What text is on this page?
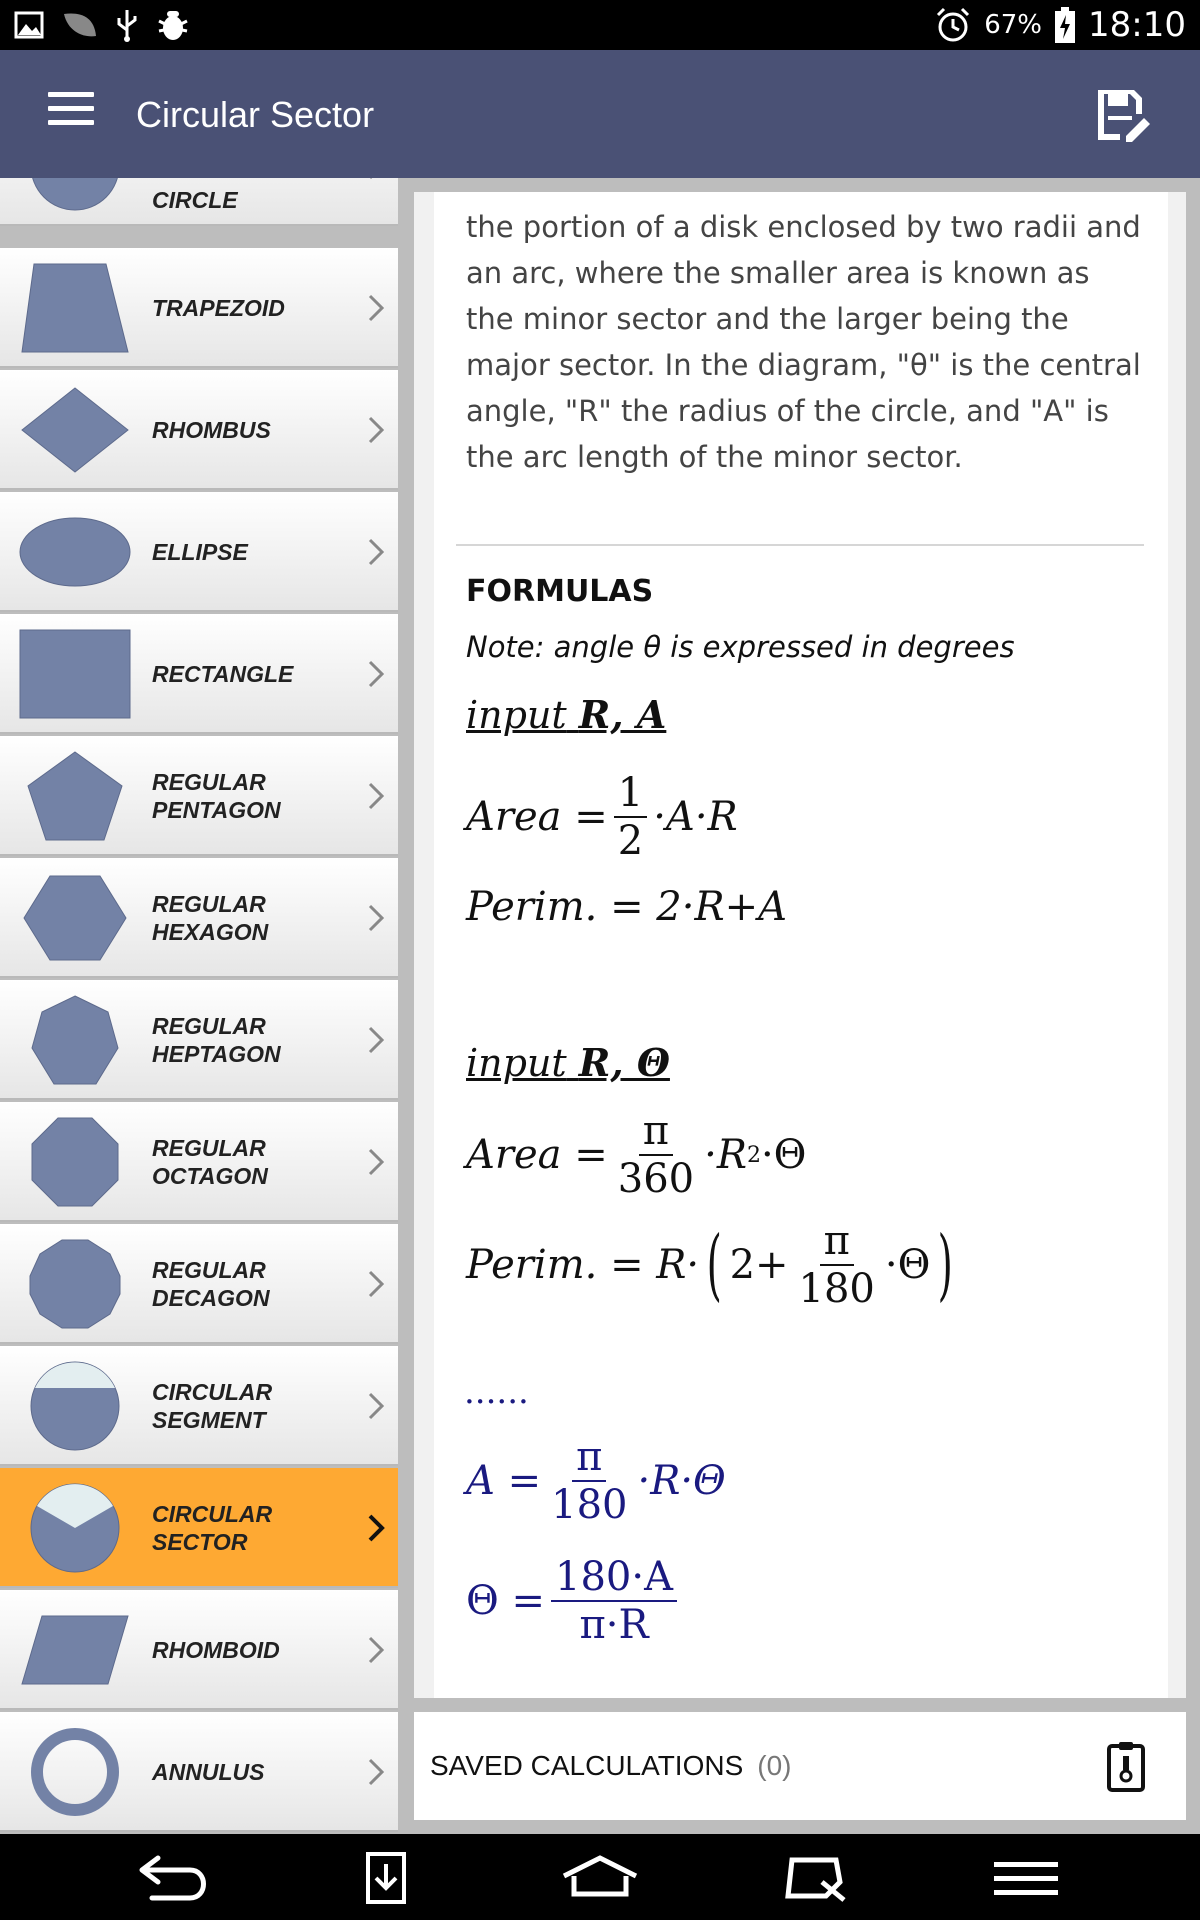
67% 18:10
Circular Sector
CIRCLE
TRAPEZOID
RHOMBUS
ELLIPSE
RECTANGLE
REGULAR
PENTAGON
REGULAR
HEXAGON
REGULAR
HEPTAGON
REGULAR
OCTAGON
REGULAR
DECAGON
CIRCULAR
SEGMENT
CIRCULAR
SECTOR
RHOMBOID
ANNULUS

the portion of a disk enclosed by two radii and an arc, where the smaller area is known as the minor sector and the larger being the major sector. In the diagram, "θ" is the central angle, "R" the radius of the circle, and "A" is the arc length of the minor sector.

FORMULAS
Note: angle θ is expressed in degrees
input R, A
Area = $\frac{1}{2} \cdot A\cdot R$
Perim. = 2·R+A
input R, Θ
Area = $\frac{\pi}{360} \cdot R$ 2 ·Θ
Perim. = R· ( $2+ \frac{\pi}{180} \cdot\Theta$ )
......
$A = \frac{\pi}{180} \cdot R\cdot\Theta$
$\Theta = \frac{180\cdot A}{\pi\cdot R}$
SAVED CALCULATIONS (0)
